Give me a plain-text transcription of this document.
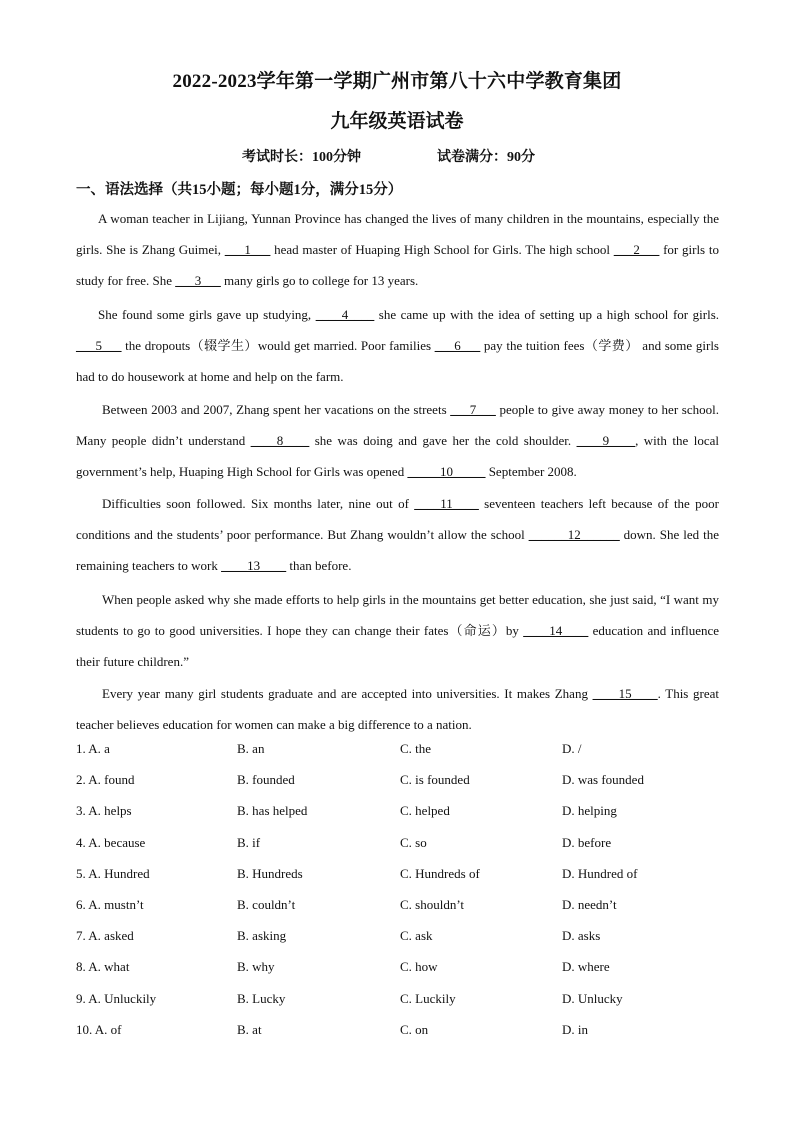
2022-2023学年第一学期广州市第八十六中学教育集团
九年级英语试卷
考试时长：100分钟	试卷满分：90分
一、语法选择（共15小题；每小题1分，满分15分）
A woman teacher in Lijiang, Yunnan Province has changed the lives of many children in the mountains, especially the girls. She is Zhang Guimei, ___1___ head master of Huaping High School for Girls. The high school ___2___ for girls to study for free. She ___3___ many girls go to college for 13 years.
She found some girls gave up studying, ____4____ she came up with the idea of setting up a high school for girls. ___5___ the dropouts（辍学生）would get married. Poor families ___6___ pay the tuition fees（学费） and some girls had to do housework at home and help on the farm.
Between 2003 and 2007, Zhang spent her vacations on the streets ___7___ people to give away money to her school. Many people didn’t understand ____8____ she was doing and gave her the cold shoulder. ____9____, with the local government’s help, Huaping High School for Girls was opened _____10_____ September 2008.
Difficulties soon followed. Six months later, nine out of ____11____ seventeen teachers left because of the poor conditions and the students’ poor performance. But Zhang wouldn’t allow the school ______12______ down. She led the remaining teachers to work ____13____ than before.
When people asked why she made efforts to help girls in the mountains get better education, she just said, “I want my students to go to good universities. I hope they can change their fates（命运）by ____14____ education and influence their future children.”
Every year many girl students graduate and are accepted into universities. It makes Zhang ____15____. This great teacher believes education for women can make a big difference to a nation.
1. A. a	B. an	C. the	D. /
2. A. found	B. founded	C. is founded	D. was founded
3. A. helps	B. has helped	C. helped	D. helping
4. A. because	B. if	C. so	D. before
5. A. Hundred	B. Hundreds	C. Hundreds of	D. Hundred of
6. A. mustn’t	B. couldn’t	C. shouldn’t	D. needn’t
7. A. asked	B. asking	C. ask	D. asks
8. A. what	B. why	C. how	D. where
9. A. Unluckily	B. Lucky	C. Luckily	D. Unlucky
10. A. of	B. at	C. on	D. in
